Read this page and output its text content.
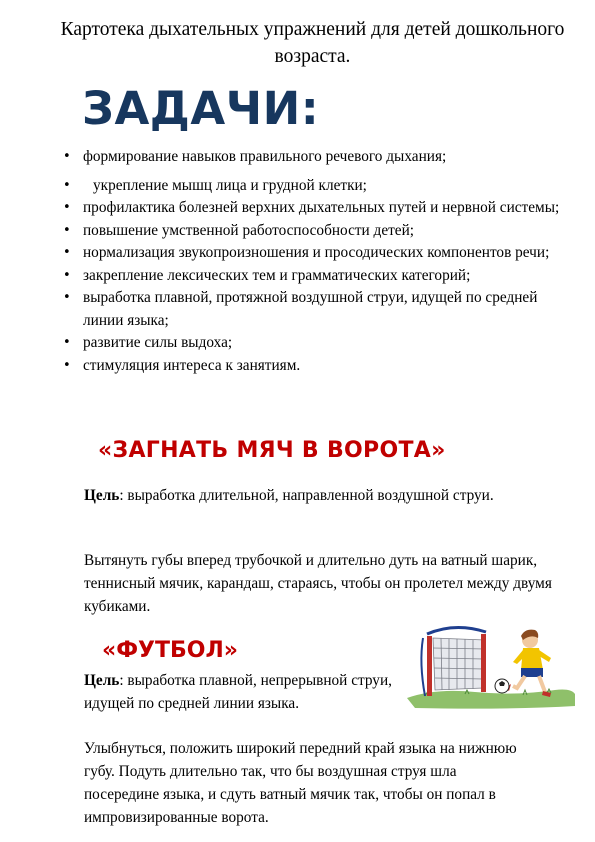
Картотека дыхательных упражнений для детей дошкольного возраста.
ЗАДАЧИ:
• формирование навыков правильного речевого дыхания;
• укрепление мышц лица и грудной клетки;
• профилактика болезней верхних дыхательных путей и нервной системы;
• повышение умственной работоспособности детей;
• нормализация звукопроизношения и просодических компонентов речи;
• закрепление лексических тем и грамматических категорий;
• выработка плавной, протяжной воздушной струи, идущей по средней линии языка;
• развитие силы выдоха;
• стимуляция интереса к занятиям.
«ЗАГНАТЬ МЯЧ В ВОРОТА»
Цель: выработка длительной, направленной воздушной струи.
Вытянуть губы вперед трубочкой и длительно дуть на ватный шарик, теннисный мячик, карандаш, стараясь, чтобы он пролетел между двумя кубиками.
«ФУТБОЛ»
Цель: выработка плавной, непрерывной струи, идущей по средней линии языка.
Улыбнуться, положить широкий передний край языка на нижнюю губу. Подуть длительно так, что бы воздушная струя шла посередине языка, и сдуть ватный мячик так, чтобы он попал в импровизированные ворота.
